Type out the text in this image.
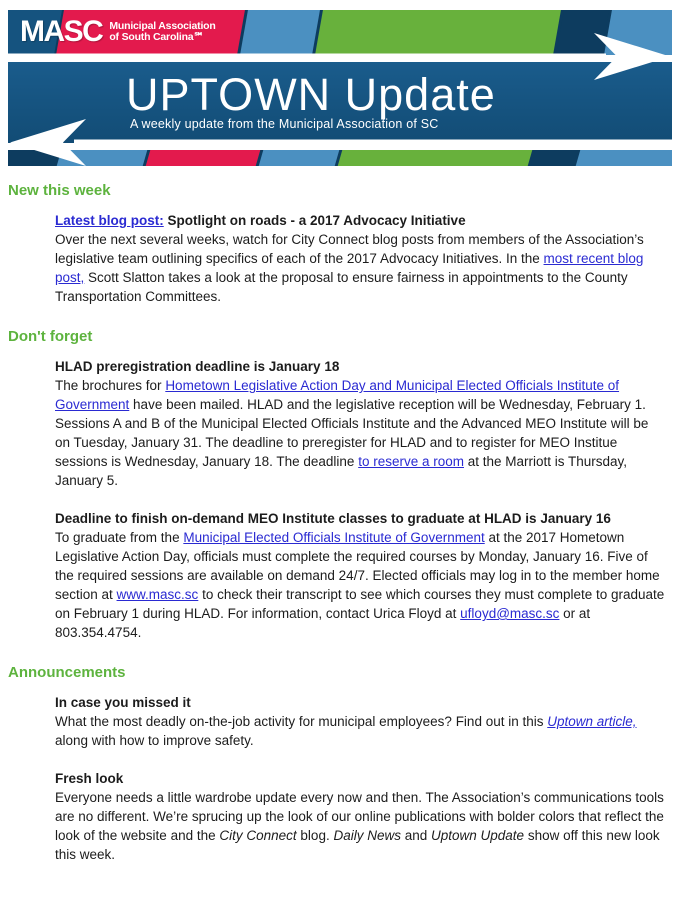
UPTOWN Update
A weekly update from the Municipal Association of SC
MASC Municipal Association
of South Carolina℠
New this week

Latest blog post: Spotlight on roads - a 2017 Advocacy Initiative

Over the next several weeks, watch for City Connect blog posts from members of the Association’s legislative team outlining specifics of each of the 2017 Advocacy Initiatives. In the most recent blog post, Scott Slatton takes a look at the proposal to ensure fairness in appointments to the County Transportation Committees.

Don't forget

HLAD preregistration deadline is January 18

The brochures for Hometown Legislative Action Day and Municipal Elected Officials Institute of Government have been mailed. HLAD and the legislative reception will be Wednesday, February 1. Sessions A and B of the Municipal Elected Officials Institute and the Advanced MEO Institute will be on Tuesday, January 31. The deadline to preregister for HLAD and to register for MEO Institue sessions is Wednesday, January 18. The deadline to reserve a room at the Marriott is Thursday, January 5.

Deadline to finish on-demand MEO Institute classes to graduate at HLAD is January 16

To graduate from the Municipal Elected Officials Institute of Government at the 2017 Hometown Legislative Action Day, officials must complete the required courses by Monday, January 16. Five of the required sessions are available on demand 24/7. Elected officials may log in to the member home section at www.masc.sc to check their transcript to see which courses they must complete to graduate on February 1 during HLAD. For information, contact Urica Floyd at ufloyd@masc.sc or at 803.354.4754.

Announcements

In case you missed it

What the most deadly on-the-job activity for municipal employees? Find out in this Uptown article, along with how to improve safety.

Fresh look

Everyone needs a little wardrobe update every now and then. The Association’s communications tools are no different. We’re sprucing up the look of our online publications with bolder colors that reflect the look of the website and the City Connect blog. Daily News and Uptown Update show off this new look this week.
